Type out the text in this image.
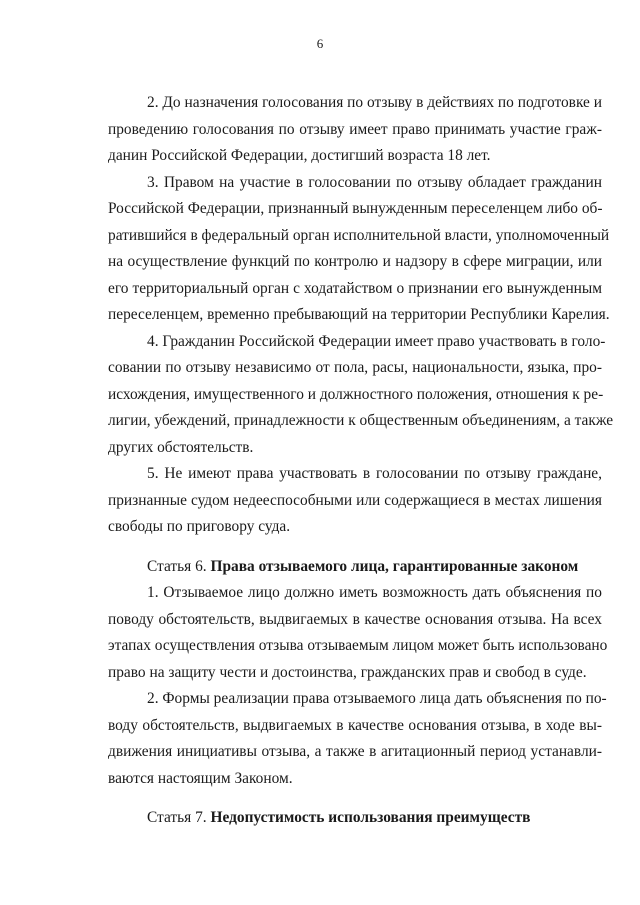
6
2. До назначения голосования по отзыву в действиях по подготовке и
проведению голосования по отзыву имеет право принимать участие граж-
данин Российской Федерации, достигший возраста 18 лет.
3. Правом на участие в голосовании по отзыву обладает гражданин
Российской Федерации, признанный вынужденным переселенцем либо об-
ратившийся в федеральный орган исполнительной власти, уполномоченный
на осуществление функций по контролю и надзору в сфере миграции, или
его территориальный орган с ходатайством о признании его вынужденным
переселенцем, временно пребывающий на территории Республики Карелия.
4. Гражданин Российской Федерации имеет право участвовать в голо-
совании по отзыву независимо от пола, расы, национальности, языка, про-
исхождения, имущественного и должностного положения, отношения к ре-
лигии, убеждений, принадлежности к общественным объединениям, а также
других обстоятельств.
5. Не имеют права участвовать в голосовании по отзыву граждане,
признанные судом недееспособными или содержащиеся в местах лишения
свободы по приговору суда.
Статья 6. Права отзываемого лица, гарантированные законом
1. Отзываемое лицо должно иметь возможность дать объяснения по
поводу обстоятельств, выдвигаемых в качестве основания отзыва. На всех
этапах осуществления отзыва отзываемым лицом может быть использовано
право на защиту чести и достоинства, гражданских прав и свобод в суде.
2. Формы реализации права отзываемого лица дать объяснения по по-
воду обстоятельств, выдвигаемых в качестве основания отзыва, в ходе вы-
движения инициативы отзыва, а также в агитационный период устанавли-
ваются настоящим Законом.
Статья 7. Недопустимость использования преимуществ
